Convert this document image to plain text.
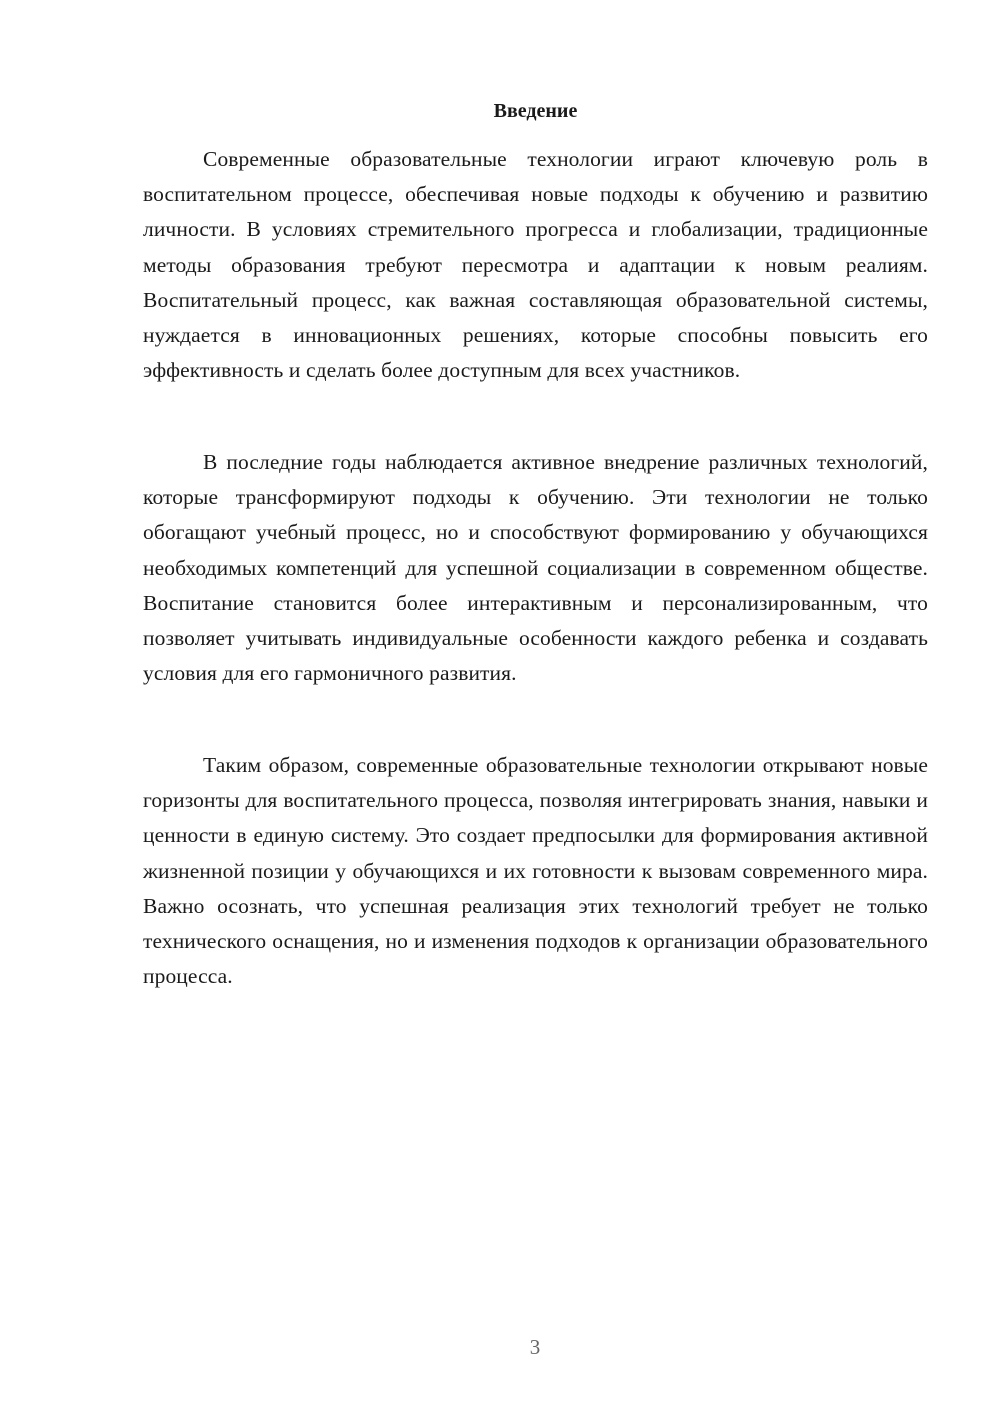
Введение

Современные образовательные технологии играют ключевую роль в воспитательном процессе, обеспечивая новые подходы к обучению и развитию личности. В условиях стремительного прогресса и глобализации, традиционные методы образования требуют пересмотра и адаптации к новым реалиям. Воспитательный процесс, как важная составляющая образовательной системы, нуждается в инновационных решениях, которые способны повысить его эффективность и сделать более доступным для всех участников.

В последние годы наблюдается активное внедрение различных технологий, которые трансформируют подходы к обучению. Эти технологии не только обогащают учебный процесс, но и способствуют формированию у обучающихся необходимых компетенций для успешной социализации в современном обществе. Воспитание становится более интерактивным и персонализированным, что позволяет учитывать индивидуальные особенности каждого ребенка и создавать условия для его гармоничного развития.

Таким образом, современные образовательные технологии открывают новые горизонты для воспитательного процесса, позволяя интегрировать знания, навыки и ценности в единую систему. Это создает предпосылки для формирования активной жизненной позиции у обучающихся и их готовности к вызовам современного мира. Важно осознать, что успешная реализация этих технологий требует не только технического оснащения, но и изменения подходов к организации образовательного процесса.

3
